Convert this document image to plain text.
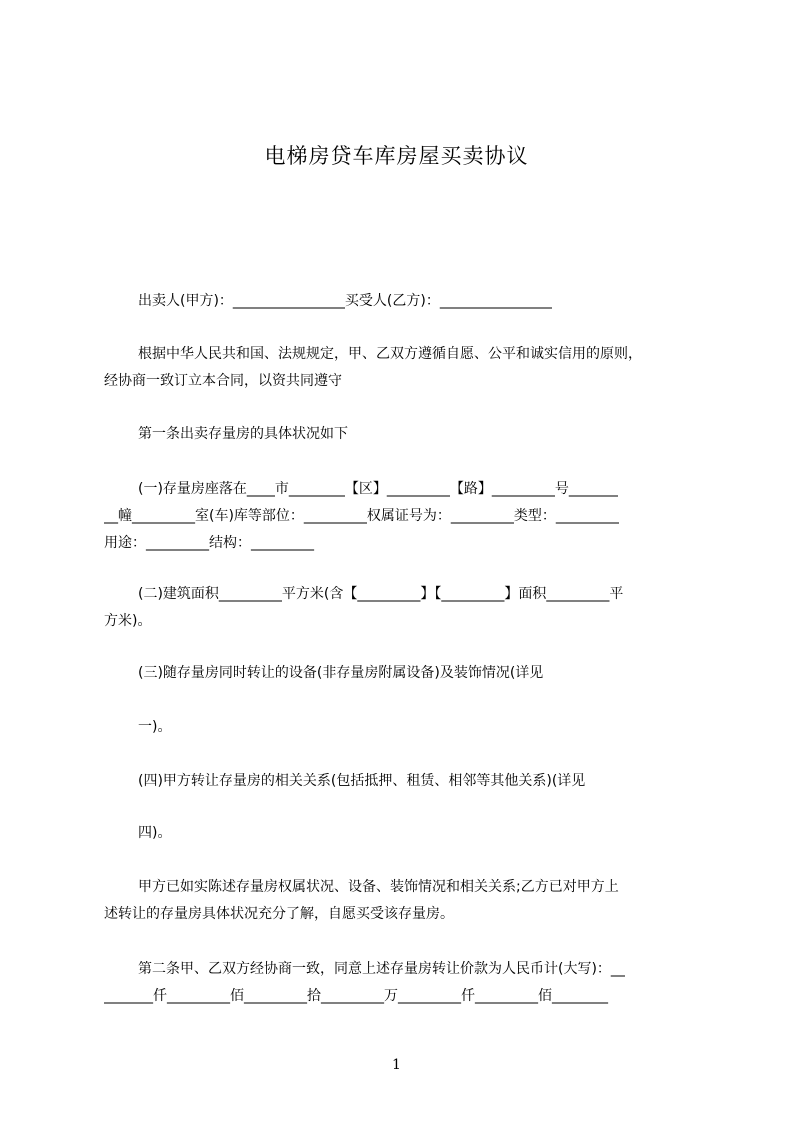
电梯房贷车库房屋买卖协议
出卖人(甲方)：________________买受人(乙方)：________________
根据中华人民共和国、法规规定，甲、乙双方遵循自愿、公平和诚实信用的原则，
经协商一致订立本合同，以资共同遵守
第一条出卖存量房的具体状况如下
(一)存量房座落在____市________【区】_________【路】_________号_______
__幢_________室(车)库等部位：_________权属证号为：_________类型：_________
用途：_________结构：_________
(二)建筑面积_________平方米(含【_________】【_________】面积_________平
方米)。
(三)随存量房同时转让的设备(非存量房附属设备)及装饰情况(详见
一)。
(四)甲方转让存量房的相关关系(包括抵押、租赁、相邻等其他关系)(详见
四)。
甲方已如实陈述存量房权属状况、设备、装饰情况和相关关系;乙方已对甲方上
述转让的存量房具体状况充分了解，自愿买受该存量房。
第二条甲、乙双方经协商一致，同意上述存量房转让价款为人民币计(大写)：__
_______仟_________佰_________拾_________万_________仟_________佰________
1
